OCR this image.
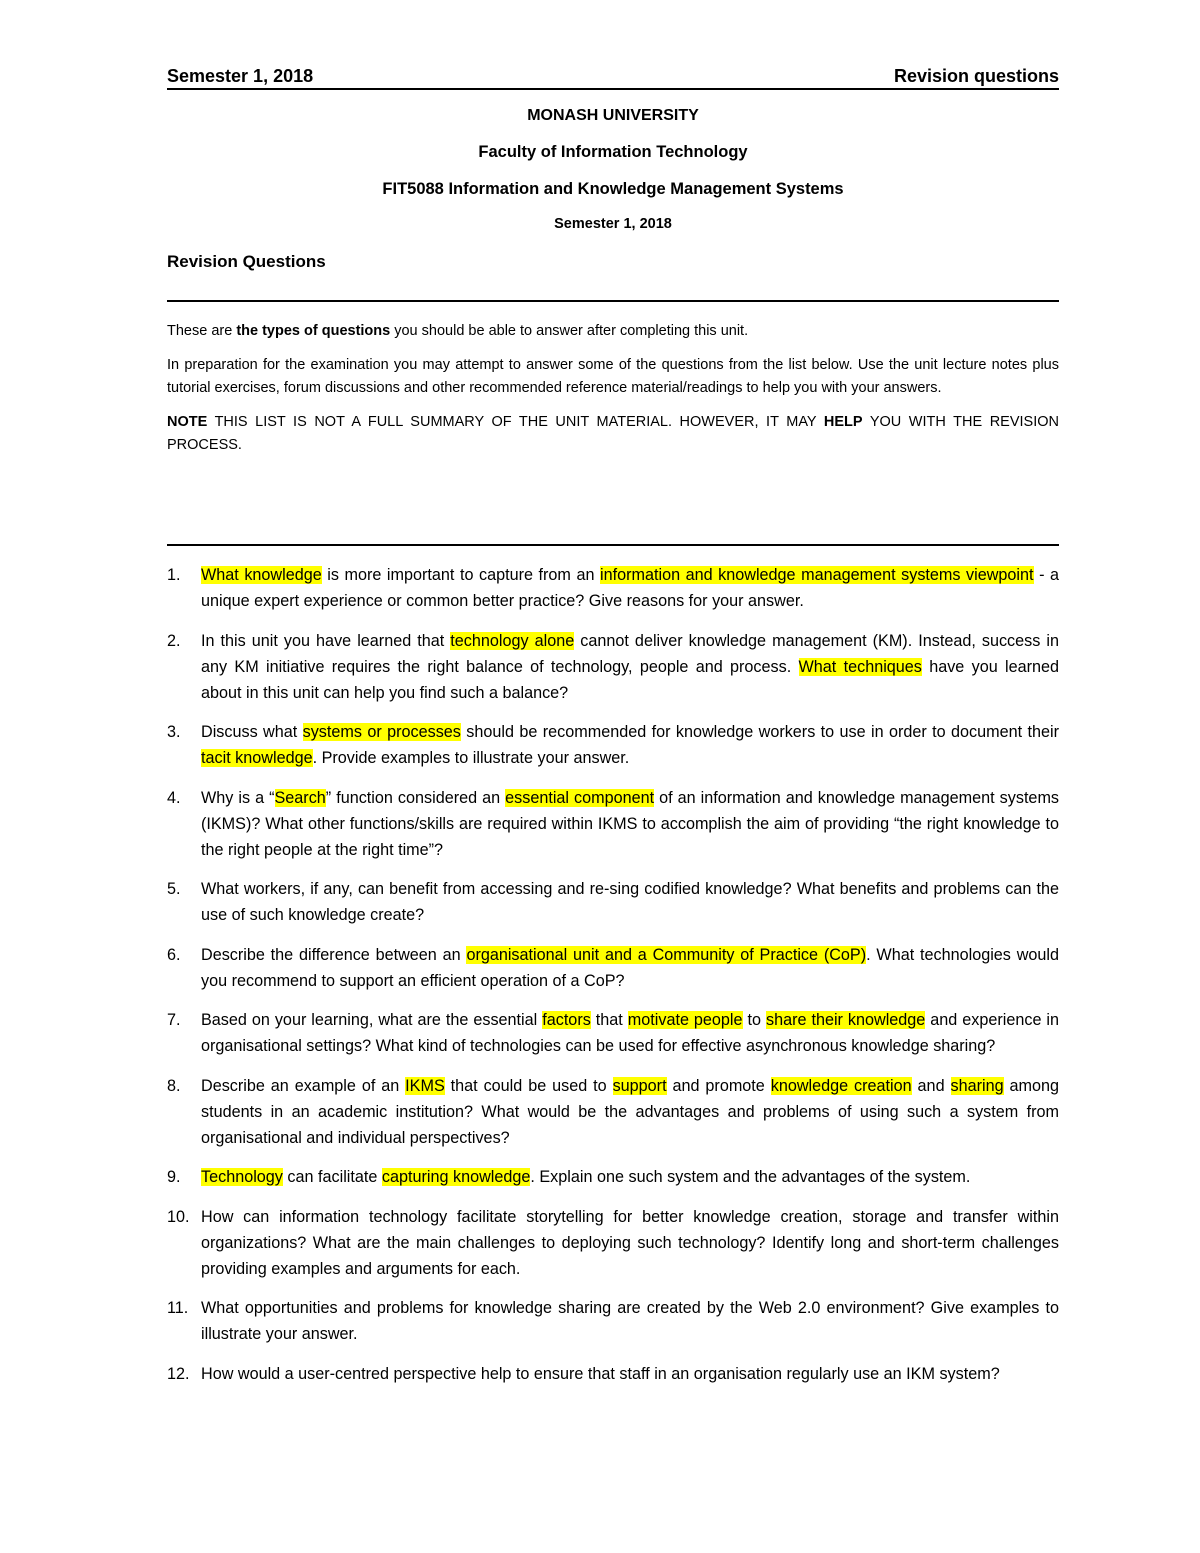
Semester 1, 2018	Revision questions
MONASH UNIVERSITY
Faculty of Information Technology
FIT5088 Information and Knowledge Management Systems
Semester 1, 2018
Revision Questions

These are the types of questions you should be able to answer after completing this unit.

In preparation for the examination you may attempt to answer some of the questions from the list below. Use the unit lecture notes plus tutorial exercises, forum discussions and other recommended reference material/readings to help you with your answers.

NOTE THIS LIST IS NOT A FULL SUMMARY OF THE UNIT MATERIAL. HOWEVER, IT MAY HELP YOU WITH THE REVISION PROCESS.

1. What knowledge is more important to capture from an information and knowledge management systems viewpoint - a unique expert experience or common better practice? Give reasons for your answer.
2. In this unit you have learned that technology alone cannot deliver knowledge management (KM). Instead, success in any KM initiative requires the right balance of technology, people and process. What techniques have you learned about in this unit can help you find such a balance?
3. Discuss what systems or processes should be recommended for knowledge workers to use in order to document their tacit knowledge. Provide examples to illustrate your answer.
4. Why is a “Search” function considered an essential component of an information and knowledge management systems (IKMS)? What other functions/skills are required within IKMS to accomplish the aim of providing “the right knowledge to the right people at the right time”?
5. What workers, if any, can benefit from accessing and re-sing codified knowledge? What benefits and problems can the use of such knowledge create?
6. Describe the difference between an organisational unit and a Community of Practice (CoP). What technologies would you recommend to support an efficient operation of a CoP?
7. Based on your learning, what are the essential factors that motivate people to share their knowledge and experience in organisational settings? What kind of technologies can be used for effective asynchronous knowledge sharing?
8. Describe an example of an IKMS that could be used to support and promote knowledge creation and sharing among students in an academic institution? What would be the advantages and problems of using such a system from organisational and individual perspectives?
9. Technology can facilitate capturing knowledge. Explain one such system and the advantages of the system.
10. How can information technology facilitate storytelling for better knowledge creation, storage and transfer within organizations? What are the main challenges to deploying such technology? Identify long and short-term challenges providing examples and arguments for each.
11. What opportunities and problems for knowledge sharing are created by the Web 2.0 environment? Give examples to illustrate your answer.
12. How would a user-centred perspective help to ensure that staff in an organisation regularly use an IKM system?
